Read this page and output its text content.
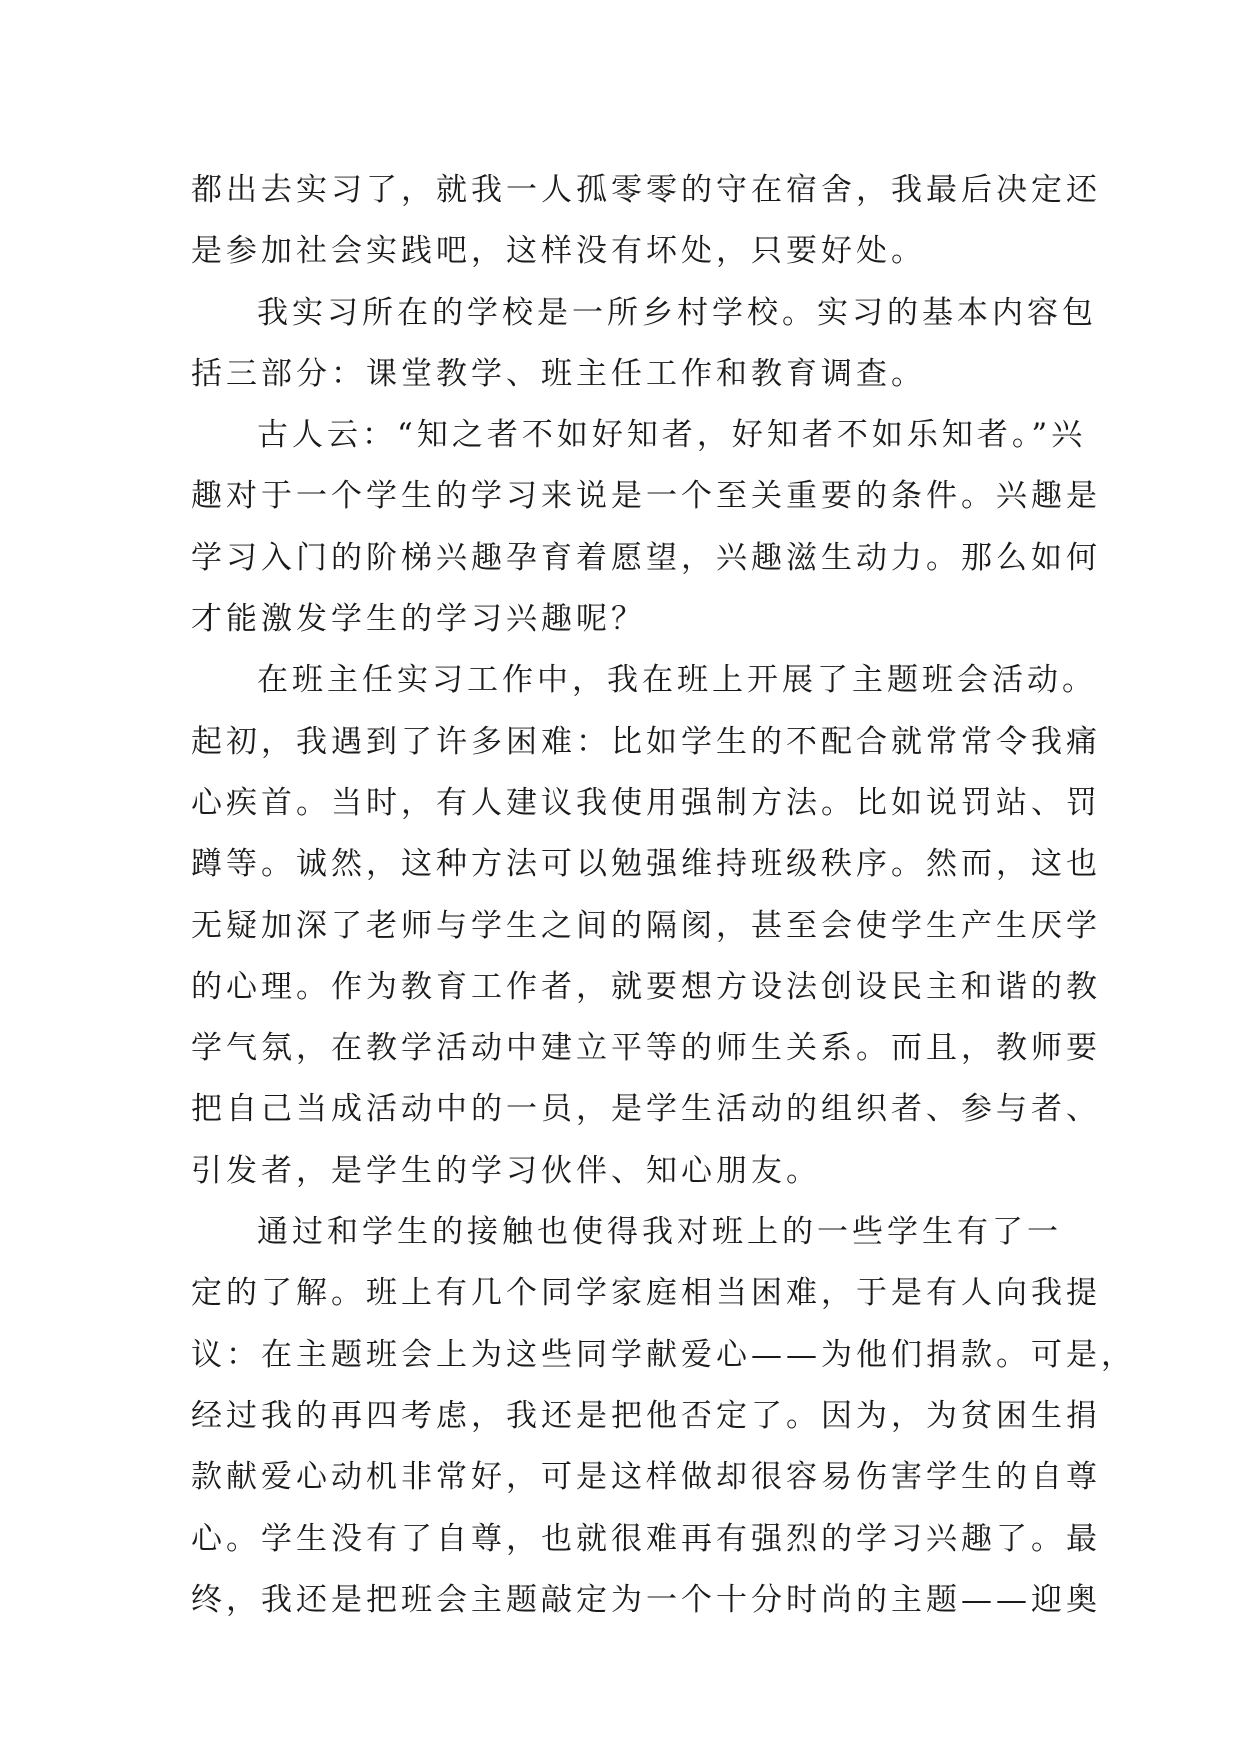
都出去实习了，就我一人孤零零的守在宿舍，我最后决定还
是参加社会实践吧，这样没有坏处，只要好处。
我实习所在的学校是一所乡村学校。实习的基本内容包
括三部分：课堂教学、班主任工作和教育调查。
古人云：“知之者不如好知者，好知者不如乐知者。”兴
趣对于一个学生的学习来说是一个至关重要的条件。兴趣是
学习入门的阶梯兴趣孕育着愿望，兴趣滋生动力。那么如何
才能激发学生的学习兴趣呢？
在班主任实习工作中，我在班上开展了主题班会活动。
起初，我遇到了许多困难：比如学生的不配合就常常令我痛
心疾首。当时，有人建议我使用强制方法。比如说罚站、罚
蹲等。诚然，这种方法可以勉强维持班级秩序。然而，这也
无疑加深了老师与学生之间的隔阂，甚至会使学生产生厌学
的心理。作为教育工作者，就要想方设法创设民主和谐的教
学气氛，在教学活动中建立平等的师生关系。而且，教师要
把自己当成活动中的一员，是学生活动的组织者、参与者、
引发者，是学生的学习伙伴、知心朋友。
通过和学生的接触也使得我对班上的一些学生有了一
定的了解。班上有几个同学家庭相当困难，于是有人向我提
议：在主题班会上为这些同学献爱心——为他们捐款。可是，
经过我的再四考虑，我还是把他否定了。因为，为贫困生捐
款献爱心动机非常好，可是这样做却很容易伤害学生的自尊
心。学生没有了自尊，也就很难再有强烈的学习兴趣了。最
终，我还是把班会主题敲定为一个十分时尚的主题——迎奥
